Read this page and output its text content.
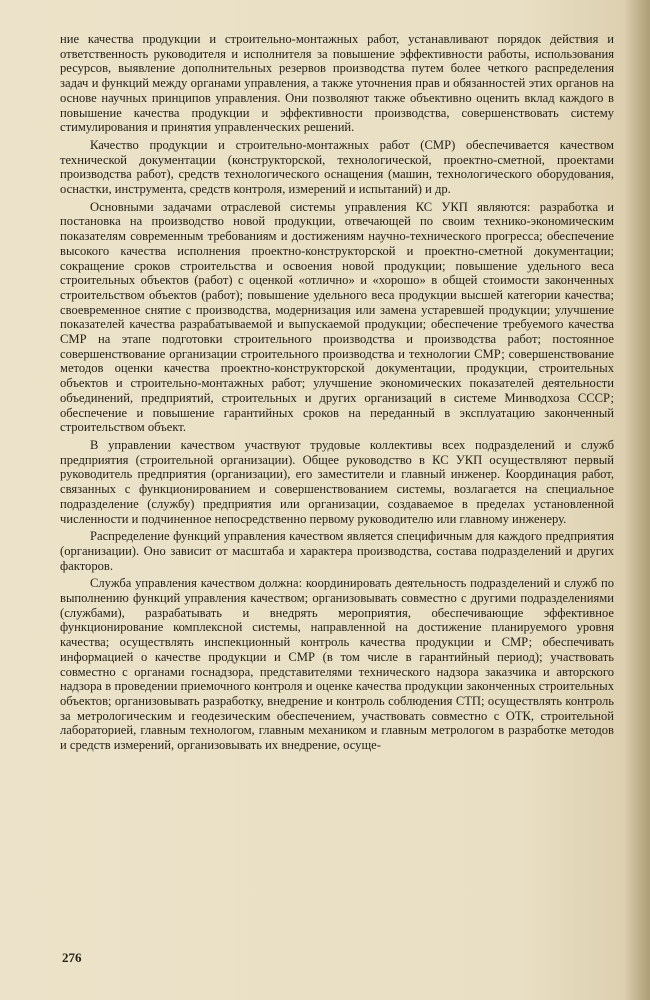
ние качества продукции и строительно-монтажных работ, устанавливают порядок действия и ответственность руководителя и исполнителя за повышение эффективности работы, использования ресурсов, выявление дополнительных резервов производства путем более четкого распределения задач и функций между органами управления, а также уточнения прав и обязанностей этих органов на основе научных принципов управления. Они позволяют также объективно оценить вклад каждого в повышение качества продукции и эффективности производства, совершенствовать систему стимулирования и принятия управленческих решений.

Качество продукции и строительно-монтажных работ (СМР) обеспечивается качеством технической документации (конструкторской, технологической, проектно-сметной, проектами производства работ), средств технологического оснащения (машин, технологического оборудования, оснастки, инструмента, средств контроля, измерений и испытаний) и др.

Основными задачами отраслевой системы управления КС УКП являются: разработка и постановка на производство новой продукции, отвечающей по своим технико-экономическим показателям современным требованиям и достижениям научно-технического прогресса; обеспечение высокого качества исполнения проектно-конструкторской и проектно-сметной документации; сокращение сроков строительства и освоения новой продукции; повышение удельного веса строительных объектов (работ) с оценкой «отлично» и «хорошо» в общей стоимости законченных строительством объектов (работ); повышение удельного веса продукции высшей категории качества; своевременное снятие с производства, модернизация или замена устаревшей продукции; улучшение показателей качества разрабатываемой и выпускаемой продукции; обеспечение требуемого качества СМР на этапе подготовки строительного производства и производства работ; постоянное совершенствование организации строительного производства и технологии СМР; совершенствование методов оценки качества проектно-конструкторской документации, продукции, строительных объектов и строительно-монтажных работ; улучшение экономических показателей деятельности объединений, предприятий, строительных и других организаций в системе Минводхоза СССР; обеспечение и повышение гарантийных сроков на переданный в эксплуатацию законченный строительством объект.

В управлении качеством участвуют трудовые коллективы всех подразделений и служб предприятия (строительной организации). Общее руководство в КС УКП осуществляют первый руководитель предприятия (организации), его заместители и главный инженер. Координация работ, связанных с функционированием и совершенствованием системы, возлагается на специальное подразделение (службу) предприятия или организации, создаваемое в пределах установленной численности и подчиненное непосредственно первому руководителю или главному инженеру.

Распределение функций управления качеством является специфичным для каждого предприятия (организации). Оно зависит от масштаба и характера производства, состава подразделений и других факторов.

Служба управления качеством должна: координировать деятельность подразделений и служб по выполнению функций управления качеством; организовывать совместно с другими подразделениями (службами), разрабатывать и внедрять мероприятия, обеспечивающие эффективное функционирование комплексной системы, направленной на достижение планируемого уровня качества; осуществлять инспекционный контроль качества продукции и СМР; обеспечивать информацией о качестве продукции и СМР (в том числе в гарантийный период); участвовать совместно с органами госнадзора, представителями технического надзора заказчика и авторского надзора в проведении приемочного контроля и оценке качества продукции законченных строительных объектов; организовывать разработку, внедрение и контроль соблюдения СТП; осуществлять контроль за метрологическим и геодезическим обеспечением, участвовать совместно с ОТК, строительной лабораторией, главным технологом, главным механиком и главным метрологом в разработке методов и средств измерений, организовывать их внедрение, осуще-

276
